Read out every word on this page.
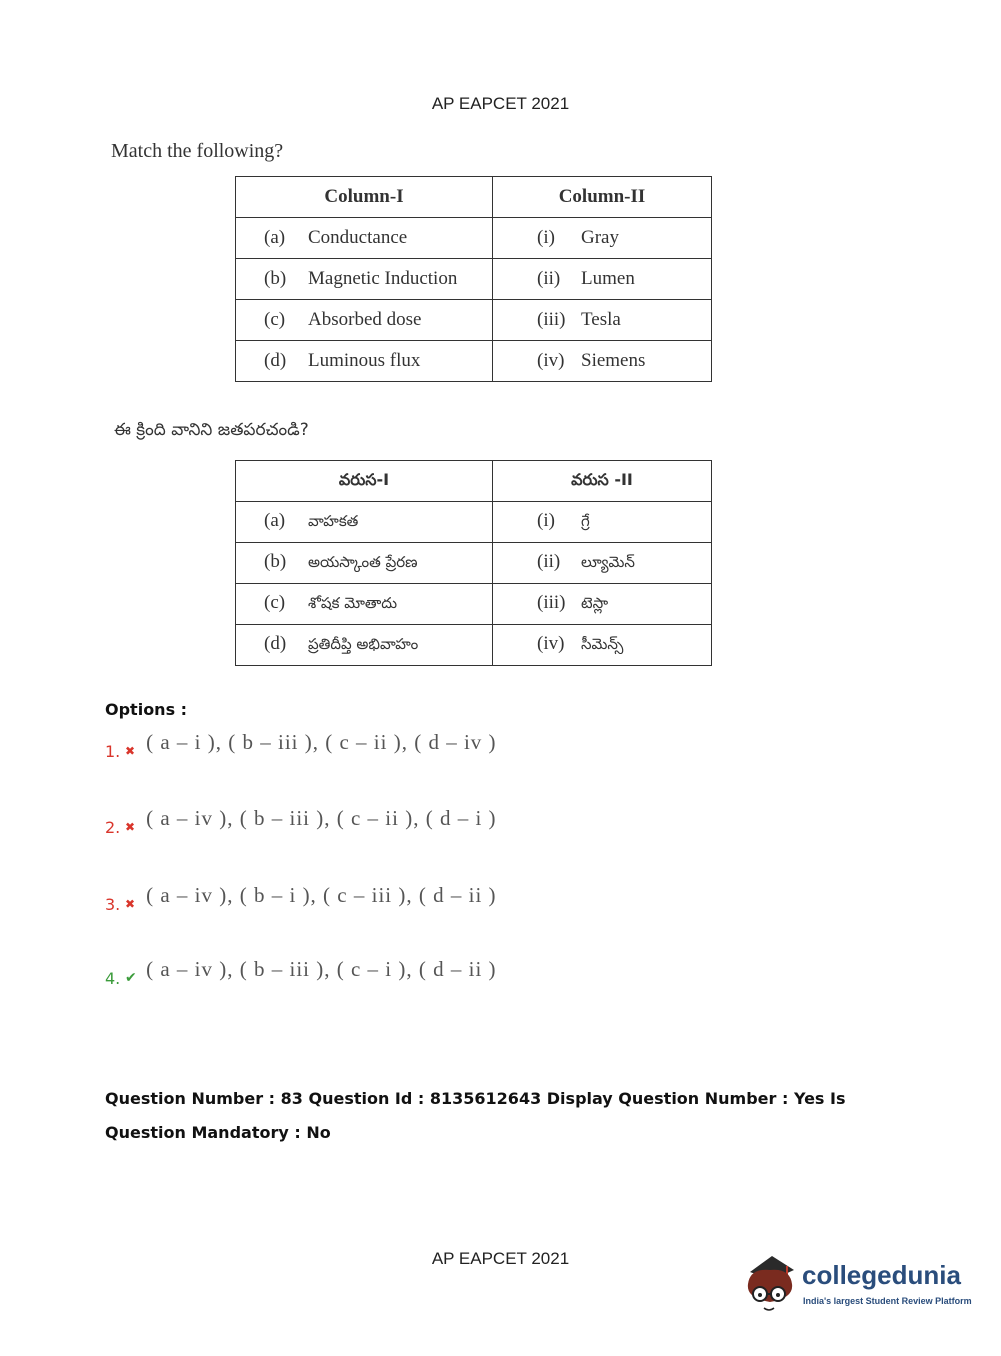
AP EAPCET 2021
Match the following?
Column-I	Column-II
(a) Conductance	(i) Gray
(b) Magnetic Induction	(ii) Lumen
(c) Absorbed dose	(iii) Tesla
(d) Luminous flux	(iv) Siemens
ఈ క్రింది వానిని జతపరచండి?
వరుస-I	వరుస -II
(a) వాహకత	(i) గ్రే
(b) అయస్కాంత ప్రేరణ	(ii) ల్యూమెన్
(c) శోషక మోతాదు	(iii) టెస్లా
(d) ప్రతిదీప్తి అభివాహం	(iv) సీమెన్స్
Options :
1. ✖ ( a – i ), ( b – iii ), ( c – ii ), ( d – iv )
2. ✖ ( a – iv ), ( b – iii ), ( c – ii ), ( d – i )
3. ✖ ( a – iv ), ( b – i ), ( c – iii ), ( d – ii )
4. ✔ ( a – iv ), ( b – iii ), ( c – i ), ( d – ii )
Question Number : 83 Question Id : 8135612643 Display Question Number : Yes Is Question Mandatory : No
AP EAPCET 2021
collegedunia
India's largest Student Review Platform
